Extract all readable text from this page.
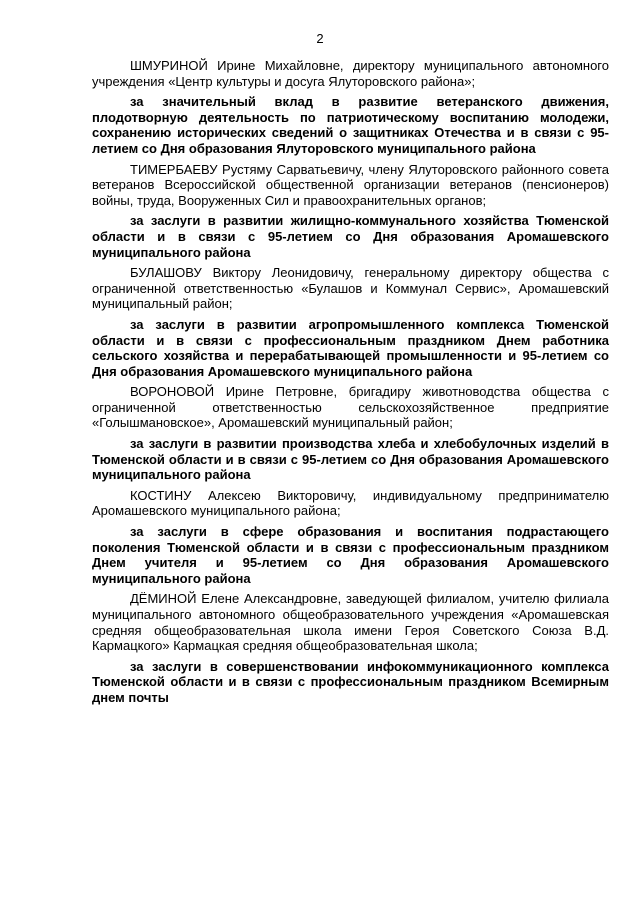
2

ШМУРИНОЙ Ирине Михайловне, директору муниципального автономного учреждения «Центр культуры и досуга Ялуторовского района»;

за значительный вклад в развитие ветеранского движения, плодотворную деятельность по патриотическому воспитанию молодежи, сохранению исторических сведений о защитниках Отечества и в связи с 95-летием со Дня образования Ялуторовского муниципального района

ТИМЕРБАЕВУ Рустяму Сарватьевичу, члену Ялуторовского районного совета ветеранов Всероссийской общественной организации ветеранов (пенсионеров) войны, труда, Вооруженных Сил и правоохранительных органов;

за заслуги в развитии жилищно-коммунального хозяйства Тюменской области и в связи с 95-летием со Дня образования Аромашевского муниципального района

БУЛАШОВУ Виктору Леонидовичу, генеральному директору общества с ограниченной ответственностью «Булашов и Коммунал Сервис», Аромашевский муниципальный район;

за заслуги в развитии агропромышленного комплекса Тюменской области и в связи с профессиональным праздником Днем работника сельского хозяйства и перерабатывающей промышленности и 95-летием со Дня образования Аромашевского муниципального района

ВОРОНОВОЙ Ирине Петровне, бригадиру животноводства общества с ограниченной ответственностью сельскохозяйственное предприятие «Голышмановское», Аромашевский муниципальный район;

за заслуги в развитии производства хлеба и хлебобулочных изделий в Тюменской области и в связи с 95-летием со Дня образования Аромашевского муниципального района

КОСТИНУ Алексею Викторовичу, индивидуальному предпринимателю Аромашевского муниципального района;

за заслуги в сфере образования и воспитания подрастающего поколения Тюменской области и в связи с профессиональным праздником Днем учителя и 95-летием со Дня образования Аромашевского муниципального района

ДЁМИНОЙ Елене Александровне, заведующей филиалом, учителю филиала муниципального автономного общеобразовательного учреждения «Аромашевская средняя общеобразовательная школа имени Героя Советского Союза В.Д. Кармацкого» Кармацкая средняя общеобразовательная школа;

за заслуги в совершенствовании инфокоммуникационного комплекса Тюменской области и в связи с профессиональным праздником Всемирным днем почты
